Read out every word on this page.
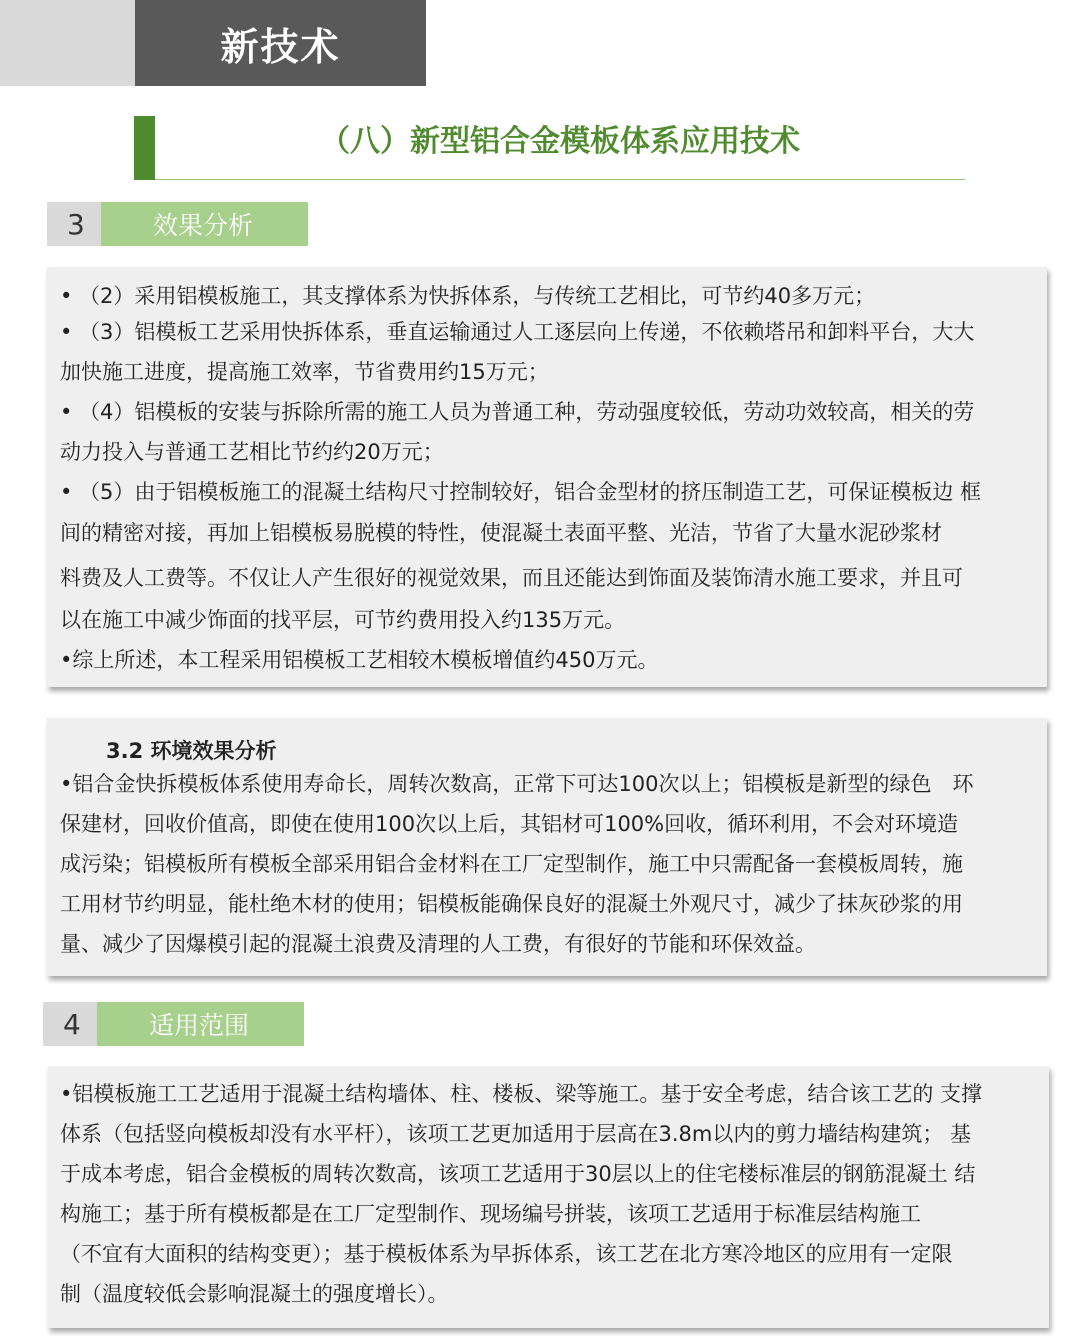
新技术
（八）新型铝合金模板体系应用技术
3	效果分析
• （2）采用铝模板施工，其支撑体系为快拆体系，与传统工艺相比，可节约40多万元；
• （3）铝模板工艺采用快拆体系，垂直运输通过人工逐层向上传递，不依赖塔吊和卸料平台，大大
加快施工进度，提高施工效率，节省费用约15万元；
• （4）铝模板的安装与拆除所需的施工人员为普通工种，劳动强度较低，劳动功效较高，相关的劳
动力投入与普通工艺相比节约约20万元；
• （5）由于铝模板施工的混凝土结构尺寸控制较好，铝合金型材的挤压制造工艺，可保证模板边 框
间的精密对接，再加上铝模板易脱模的特性，使混凝土表面平整、光洁，节省了大量水泥砂浆材
料费及人工费等。不仅让人产生很好的视觉效果，而且还能达到饰面及装饰清水施工要求，并且可
以在施工中减少饰面的找平层，可节约费用投入约135万元。
•综上所述，本工程采用铝模板工艺相较木模板增值约450万元。
3.2 环境效果分析
•铝合金快拆模板体系使用寿命长，周转次数高，正常下可达100次以上；铝模板是新型的绿色　环
保建材，回收价值高，即使在使用100次以上后，其铝材可100%回收，循环利用，不会对环境造
成污染；铝模板所有模板全部采用铝合金材料在工厂定型制作，施工中只需配备一套模板周转，施
工用材节约明显，能杜绝木材的使用；铝模板能确保良好的混凝土外观尺寸，减少了抹灰砂浆的用
量、减少了因爆模引起的混凝土浪费及清理的人工费，有很好的节能和环保效益。
4	适用范围
•铝模板施工工艺适用于混凝土结构墙体、柱、楼板、梁等施工。基于安全考虑，结合该工艺的 支撑
体系（包括竖向模板却没有水平杆），该项工艺更加适用于层高在3.8m以内的剪力墙结构建筑； 基
于成本考虑，铝合金模板的周转次数高，该项工艺适用于30层以上的住宅楼标准层的钢筋混凝土 结
构施工；基于所有模板都是在工厂定型制作、现场编号拼装，该项工艺适用于标准层结构施工
（不宜有大面积的结构变更）；基于模板体系为早拆体系，该工艺在北方寒冷地区的应用有一定限
制（温度较低会影响混凝土的强度增长）。
